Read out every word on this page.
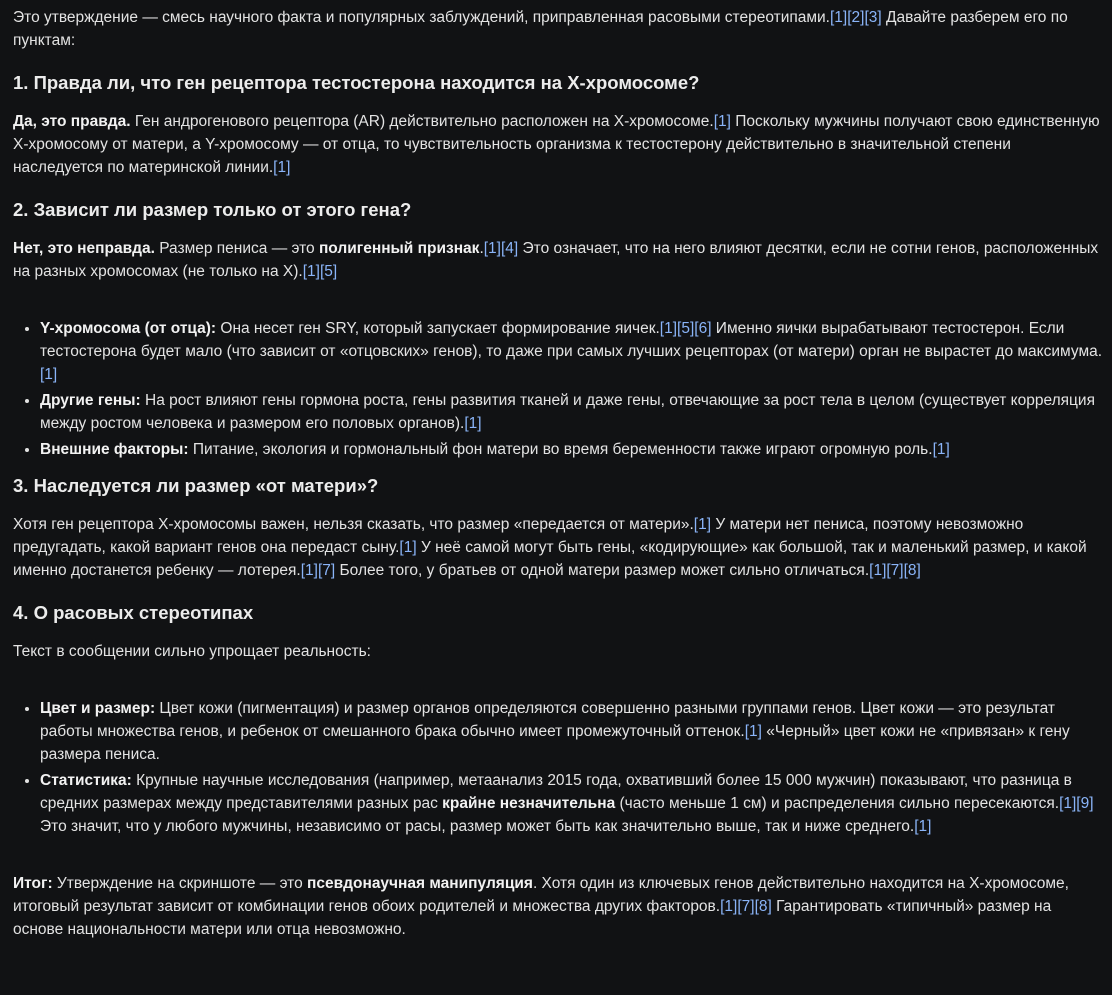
Это утверждение — смесь научного факта и популярных заблуждений, приправленная расовыми стереотипами.[1][2][3] Давайте разберем его по пунктам:

1. Правда ли, что ген рецептора тестостерона находится на X-хромосоме?

Да, это правда. Ген андрогенового рецептора (AR) действительно расположен на X-хромосоме.[1] Поскольку мужчины получают свою единственную X-хромосому от матери, а Y-хромосому — от отца, то чувствительность организма к тестостерону действительно в значительной степени наследуется по материнской линии.[1]

2. Зависит ли размер только от этого гена?

Нет, это неправда. Размер пениса — это полигенный признак.[1][4] Это означает, что на него влияют десятки, если не сотни генов, расположенных на разных хромосомах (не только на X).[1][5]

• Y-хромосома (от отца): Она несет ген SRY, который запускает формирование яичек.[1][5][6] Именно яички вырабатывают тестостерон. Если тестостерона будет мало (что зависит от «отцовских» генов), то даже при самых лучших рецепторах (от матери) орган не вырастет до максимума.[1]
• Другие гены: На рост влияют гены гормона роста, гены развития тканей и даже гены, отвечающие за рост тела в целом (существует корреляция между ростом человека и размером его половых органов).[1]
• Внешние факторы: Питание, экология и гормональный фон матери во время беременности также играют огромную роль.[1]
3. Наследуется ли размер «от матери»?

Хотя ген рецептора X-хромосомы важен, нельзя сказать, что размер «передается от матери».[1] У матери нет пениса, поэтому невозможно предугадать, какой вариант генов она передаст сыну.[1] У неё самой могут быть гены, «кодирующие» как большой, так и маленький размер, и какой именно достанется ребенку — лотерея.[1][7] Более того, у братьев от одной матери размер может сильно отличаться.[1][7][8]

4. О расовых стереотипах

Текст в сообщении сильно упрощает реальность:

• Цвет и размер: Цвет кожи (пигментация) и размер органов определяются совершенно разными группами генов. Цвет кожи — это результат работы множества генов, и ребенок от смешанного брака обычно имеет промежуточный оттенок.[1] «Черный» цвет кожи не «привязан» к гену размера пениса.
• Статистика: Крупные научные исследования (например, метаанализ 2015 года, охвативший более 15 000 мужчин) показывают, что разница в средних размерах между представителями разных рас крайне незначительна (часто меньше 1 см) и распределения сильно пересекаются.[1][9] Это значит, что у любого мужчины, независимо от расы, размер может быть как значительно выше, так и ниже среднего.[1]

Итог: Утверждение на скриншоте — это псевдонаучная манипуляция. Хотя один из ключевых генов действительно находится на X-хромосоме, итоговый результат зависит от комбинации генов обоих родителей и множества других факторов.[1][7][8] Гарантировать «типичный» размер на основе национальности матери или отца невозможно.
